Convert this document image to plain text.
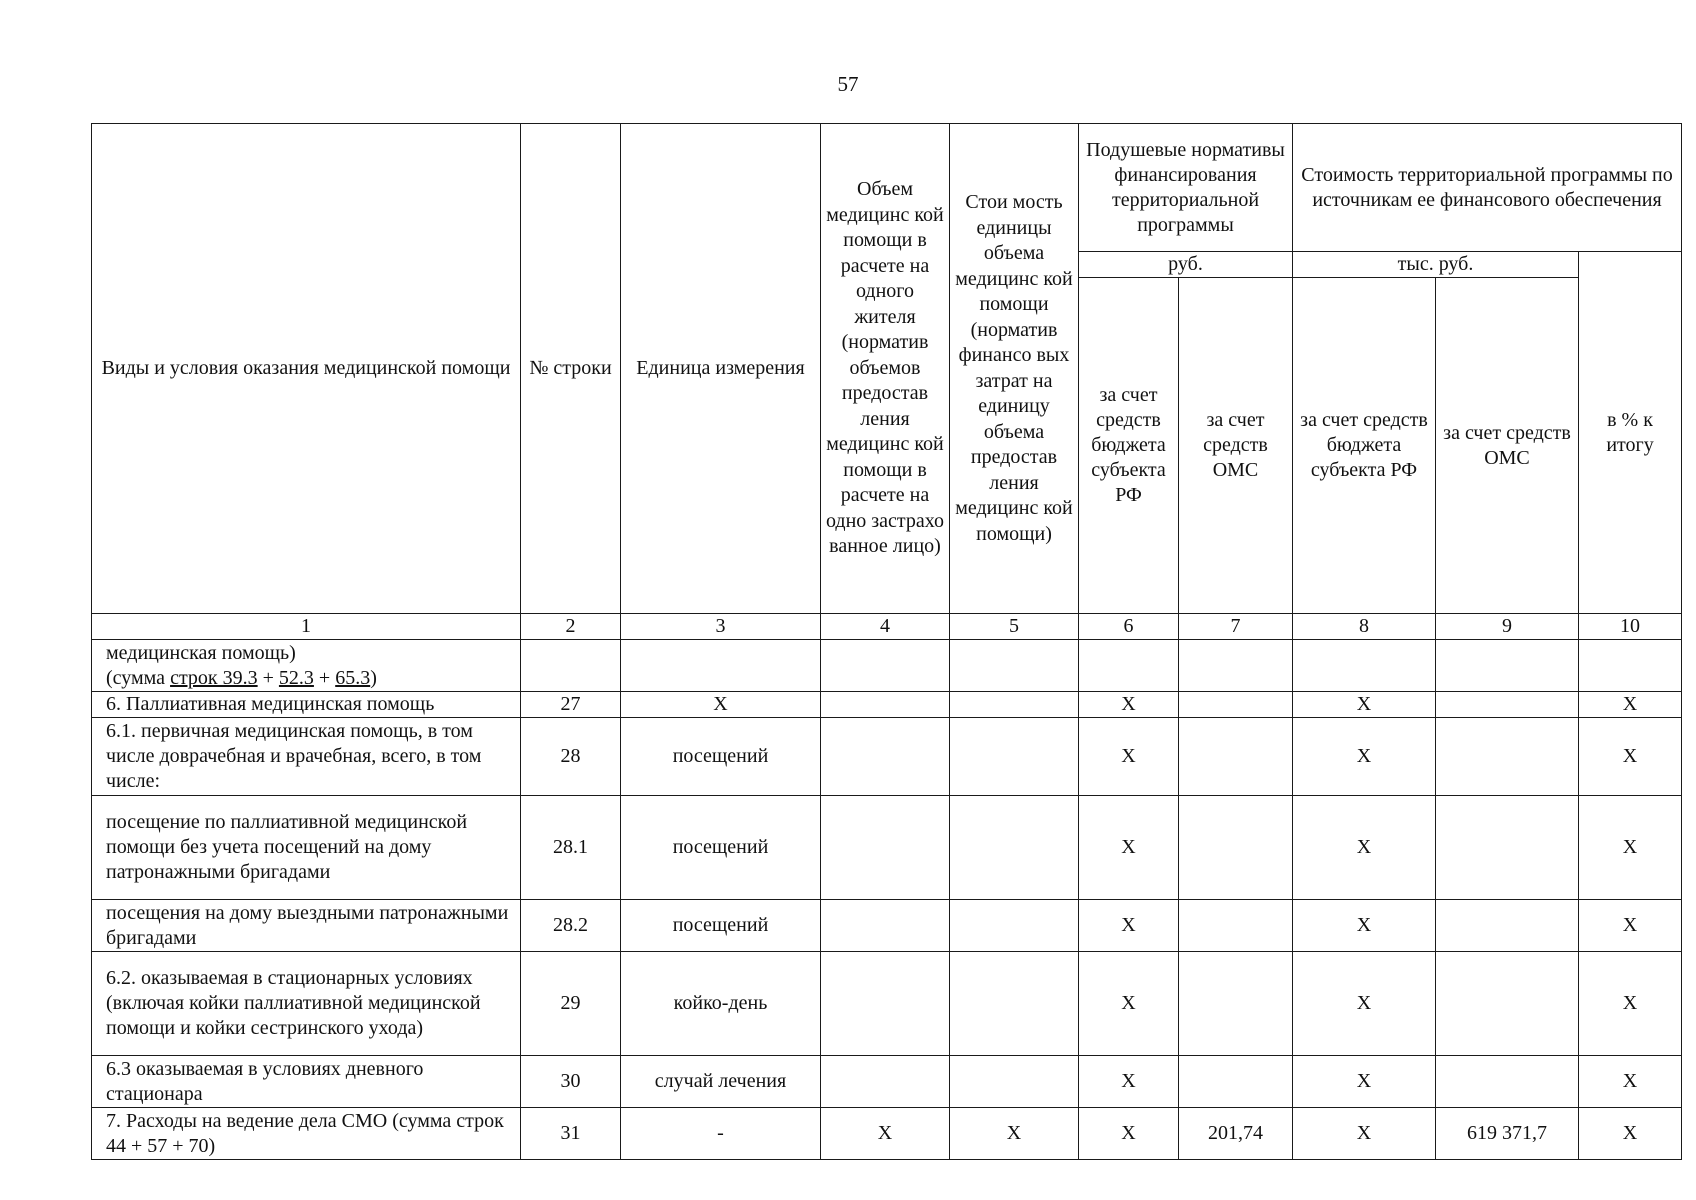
57
Виды и условия оказания медицинской помощи	№ строки	Единица измерения	Объем медицинс кой помощи в расчете на одного жителя (норматив объемов предостав ления медицинс кой помощи в расчете на одно застрахо ванное лицо)	Стои мость единицы объема медицинс кой помощи (норматив финансо вых затрат на единицу объема предостав ления медицинс кой помощи)	Подушевые нормативы финансирования территориальной программы		Стоимость территориальной программы по источникам ее финансового обеспечения		
					руб.		тыс. руб.		в % к итогу
					за счет средств бюджета субъекта РФ	за счет средств ОМС	за счет средств бюджета субъекта РФ	за счет средств ОМС	
1	2	3	4	5	6	7	8	9	10

медицинская помощь)
(сумма строк 39.3 + 52.3 + 65.3)									

6. Паллиативная медицинская помощь	27	Х			Х		Х		Х
6.1. первичная медицинская помощь, в том числе доврачебная и врачебная, всего, в том числе:	28	посещений			Х		Х		Х
посещение по паллиативной медицинской помощи без учета посещений на дому патронажными бригадами	28.1	посещений			Х		Х		Х
посещения на дому выездными патронажными бригадами	28.2	посещений			Х		Х		Х
6.2. оказываемая в стационарных условиях (включая койки паллиативной медицинской помощи и койки сестринского ухода)	29	койко-день			Х		Х		Х
6.3 оказываемая в условиях дневного стационара	30	случай лечения			Х		Х		Х
7. Расходы на ведение дела СМО (сумма строк 44 + 57 + 70)	31	-	Х	Х	Х	201,74	Х	619 371,7	Х
